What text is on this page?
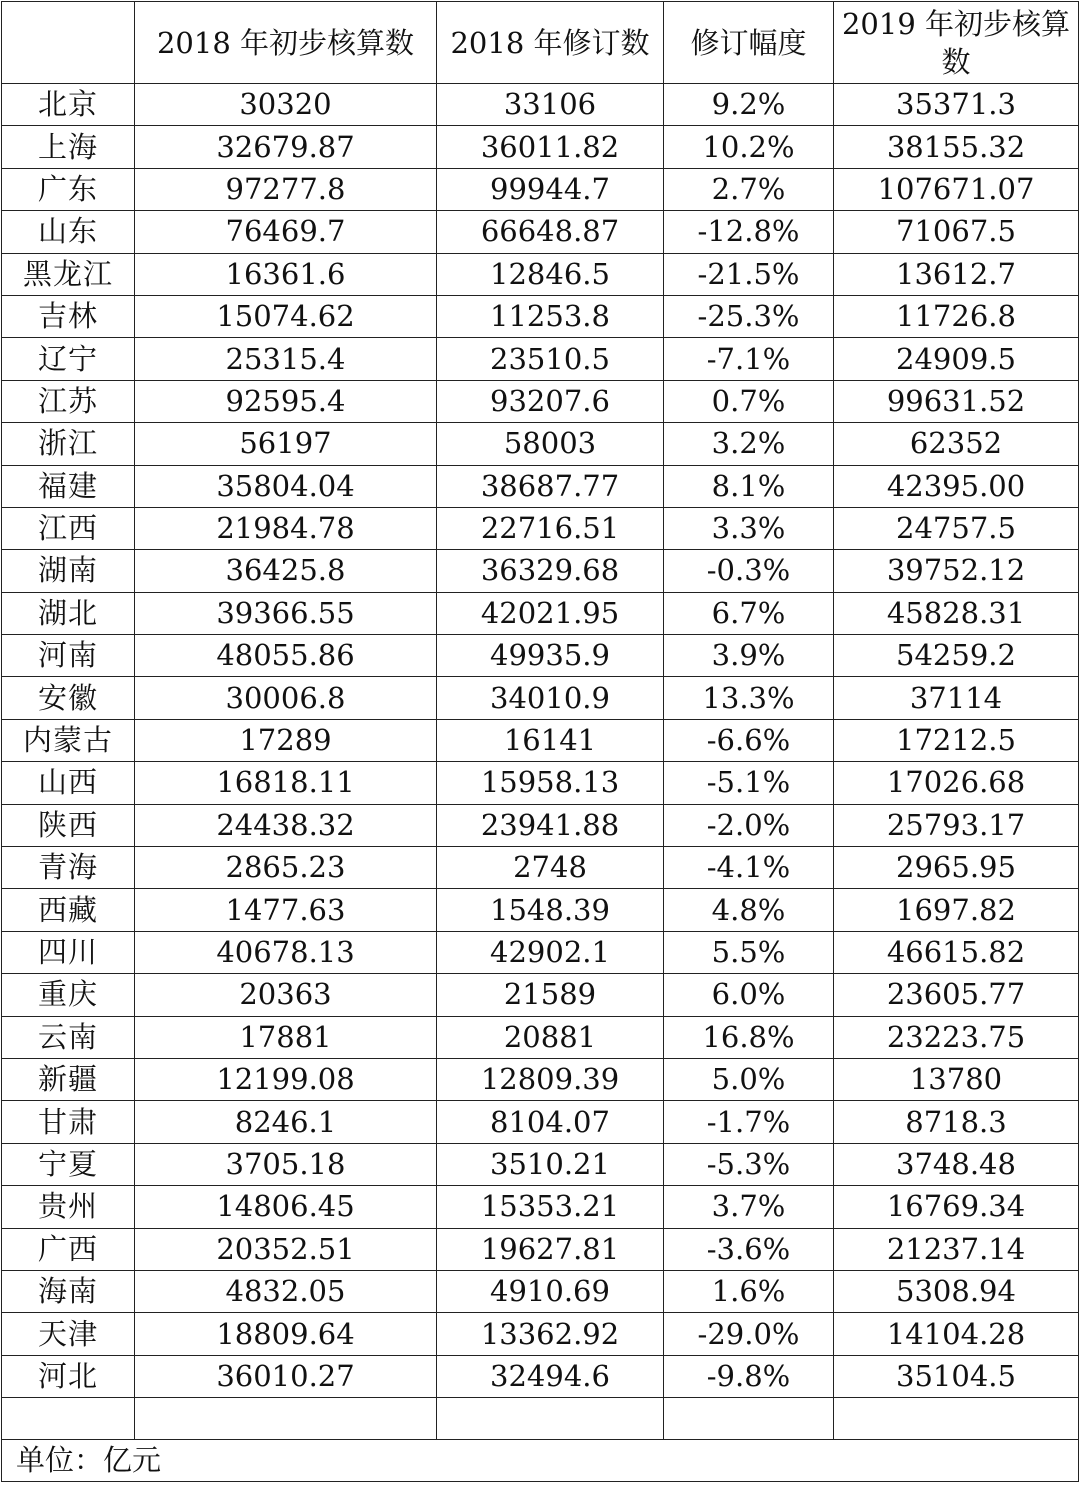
	2018 年初步核算数	2018 年修订数	修订幅度	2019 年初步核算数
北京	30320	33106	9.2%	35371.3
上海	32679.87	36011.82	10.2%	38155.32
广东	97277.8	99944.7	2.7%	107671.07
山东	76469.7	66648.87	-12.8%	71067.5
黑龙江	16361.6	12846.5	-21.5%	13612.7
吉林	15074.62	11253.8	-25.3%	11726.8
辽宁	25315.4	23510.5	-7.1%	24909.5
江苏	92595.4	93207.6	0.7%	99631.52
浙江	56197	58003	3.2%	62352
福建	35804.04	38687.77	8.1%	42395.00
江西	21984.78	22716.51	3.3%	24757.5
湖南	36425.8	36329.68	-0.3%	39752.12
湖北	39366.55	42021.95	6.7%	45828.31
河南	48055.86	49935.9	3.9%	54259.2
安徽	30006.8	34010.9	13.3%	37114
内蒙古	17289	16141	-6.6%	17212.5
山西	16818.11	15958.13	-5.1%	17026.68
陕西	24438.32	23941.88	-2.0%	25793.17
青海	2865.23	2748	-4.1%	2965.95
西藏	1477.63	1548.39	4.8%	1697.82
四川	40678.13	42902.1	5.5%	46615.82
重庆	20363	21589	6.0%	23605.77
云南	17881	20881	16.8%	23223.75
新疆	12199.08	12809.39	5.0%	13780
甘肃	8246.1	8104.07	-1.7%	8718.3
宁夏	3705.18	3510.21	-5.3%	3748.48
贵州	14806.45	15353.21	3.7%	16769.34
广西	20352.51	19627.81	-3.6%	21237.14
海南	4832.05	4910.69	1.6%	5308.94
天津	18809.64	13362.92	-29.0%	14104.28
河北	36010.27	32494.6	-9.8%	35104.5

单位：亿元				
